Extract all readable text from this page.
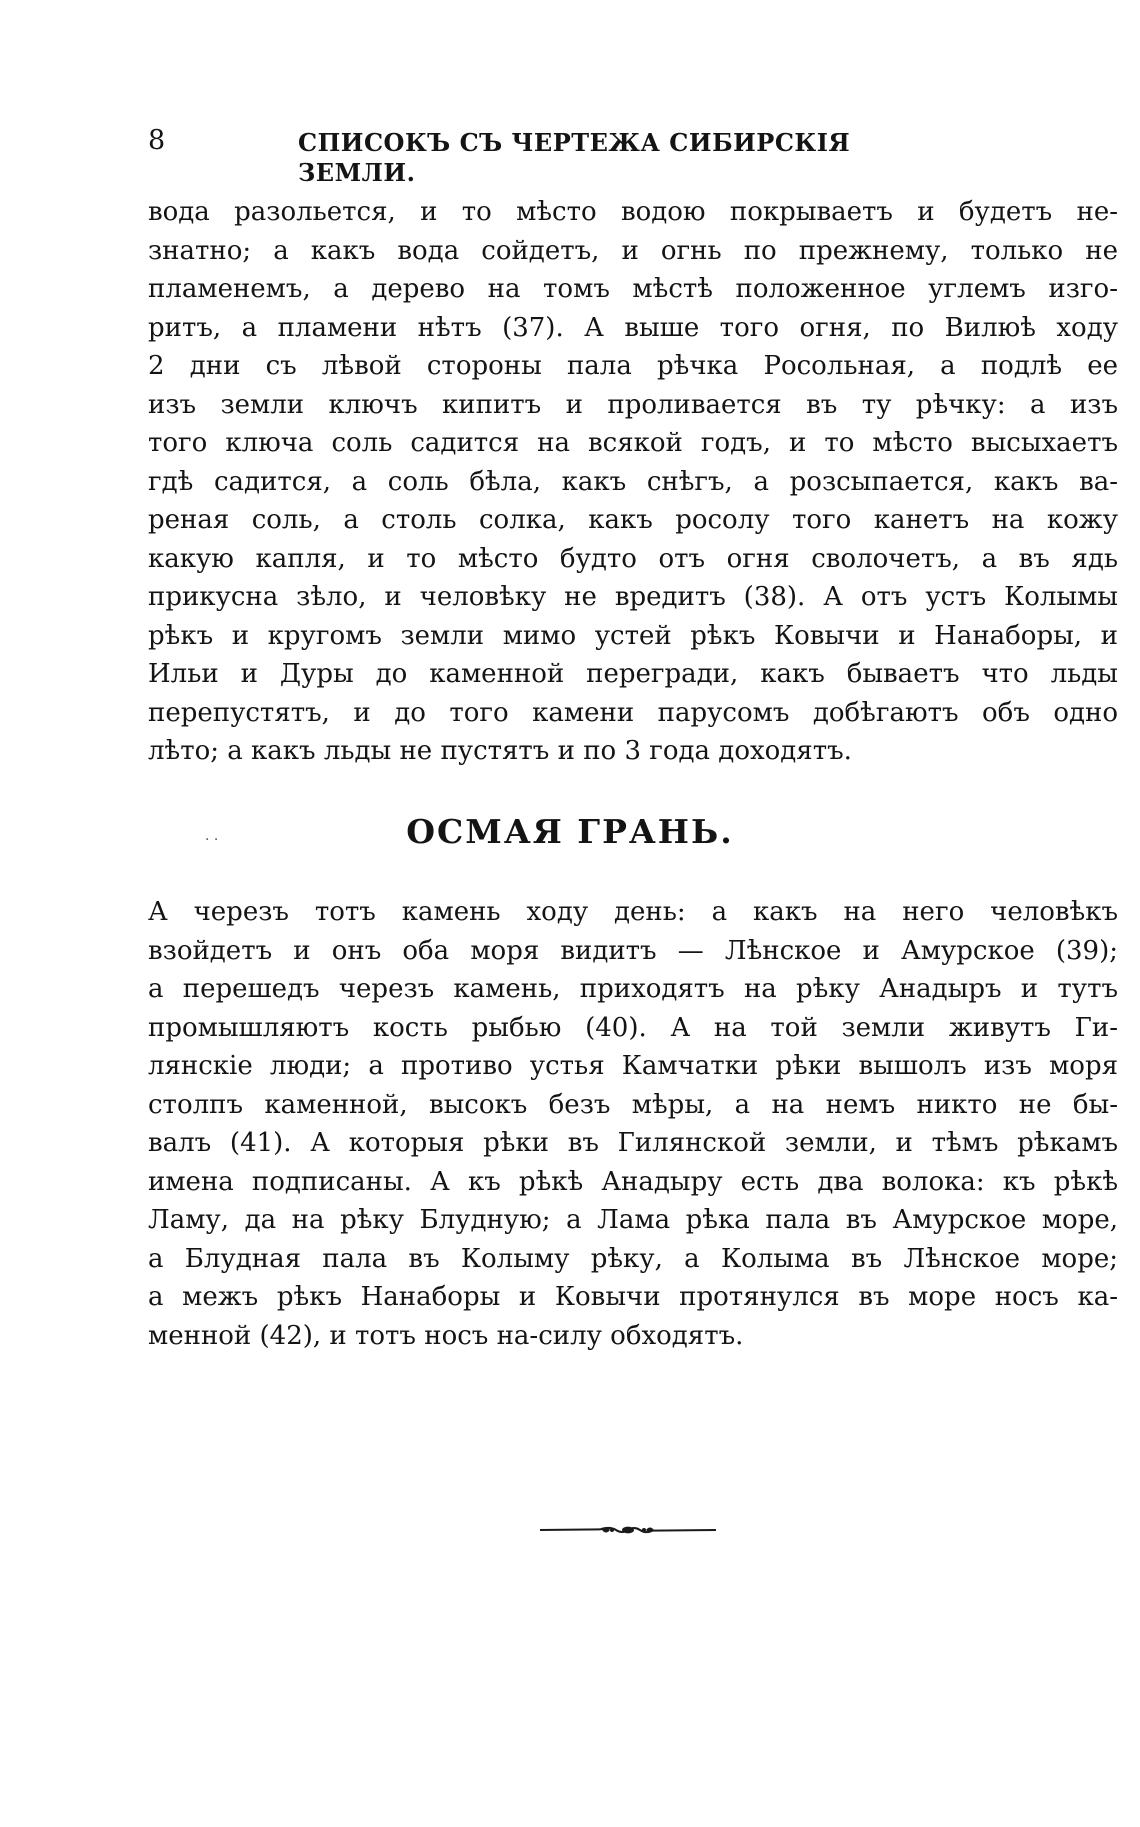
8	СПИСОКЪ СЪ ЧЕРТЕЖА СИБИРСКІЯ ЗЕМЛИ.
вода разольется, и то мѣсто водою покрываетъ и будетъ не-
знатно; а какъ вода сойдетъ, и огнь по прежнему, только не
пламенемъ, а дерево на томъ мѣстѣ положенное углемъ изго-
ритъ, а пламени нѣтъ (37). А выше того огня, по Вилюѣ ходу
2 дни съ лѣвой стороны пала рѣчка Росольная, а подлѣ ее
изъ земли ключъ кипитъ и проливается въ ту рѣчку: а изъ
того ключа соль садится на всякой годъ, и то мѣсто высыхаетъ
гдѣ садится, а соль бѣла, какъ снѣгъ, а розсыпается, какъ ва-
реная соль, а столь солка, какъ росолу того канетъ на кожу
какую капля, и то мѣсто будто отъ огня сволочетъ, а въ ядь
прикусна зѣло, и человѣку не вредитъ (38). А отъ устъ Колымы
рѣкъ и кругомъ земли мимо устей рѣкъ Ковычи и Нанаборы, и
Ильи и Дуры до каменной перегради, какъ бываетъ что льды
перепустятъ, и до того камени парусомъ добѣгаютъ объ одно
лѣто; а какъ льды не пустятъ и по 3 года доходятъ.
· ·	ОСМАЯ ГРАНЬ.
А черезъ тотъ камень ходу день: а какъ на него человѣкъ
взойдетъ и онъ оба моря видитъ — Лѣнское и Амурское (39);
а перешедъ черезъ камень, приходятъ на рѣку Анадыръ и тутъ
промышляютъ кость рыбью (40). А на той земли живутъ Ги-
лянскіе люди; а противо устья Камчатки рѣки вышолъ изъ моря
столпъ каменной, высокъ безъ мѣры, а на немъ никто не бы-
валъ (41). А которыя рѣки въ Гилянской земли, и тѣмъ рѣкамъ
имена подписаны. А къ рѣкѣ Анадыру есть два волока: къ рѣкѣ
Ламу, да на рѣку Блудную; а Лама рѣка пала въ Амурское море,
а Блудная пала въ Колыму рѣку, а Колыма въ Лѣнское море;
а межъ рѣкъ Нанаборы и Ковычи протянулся въ море носъ ка-
менной (42), и тотъ носъ на-силу обходятъ.
